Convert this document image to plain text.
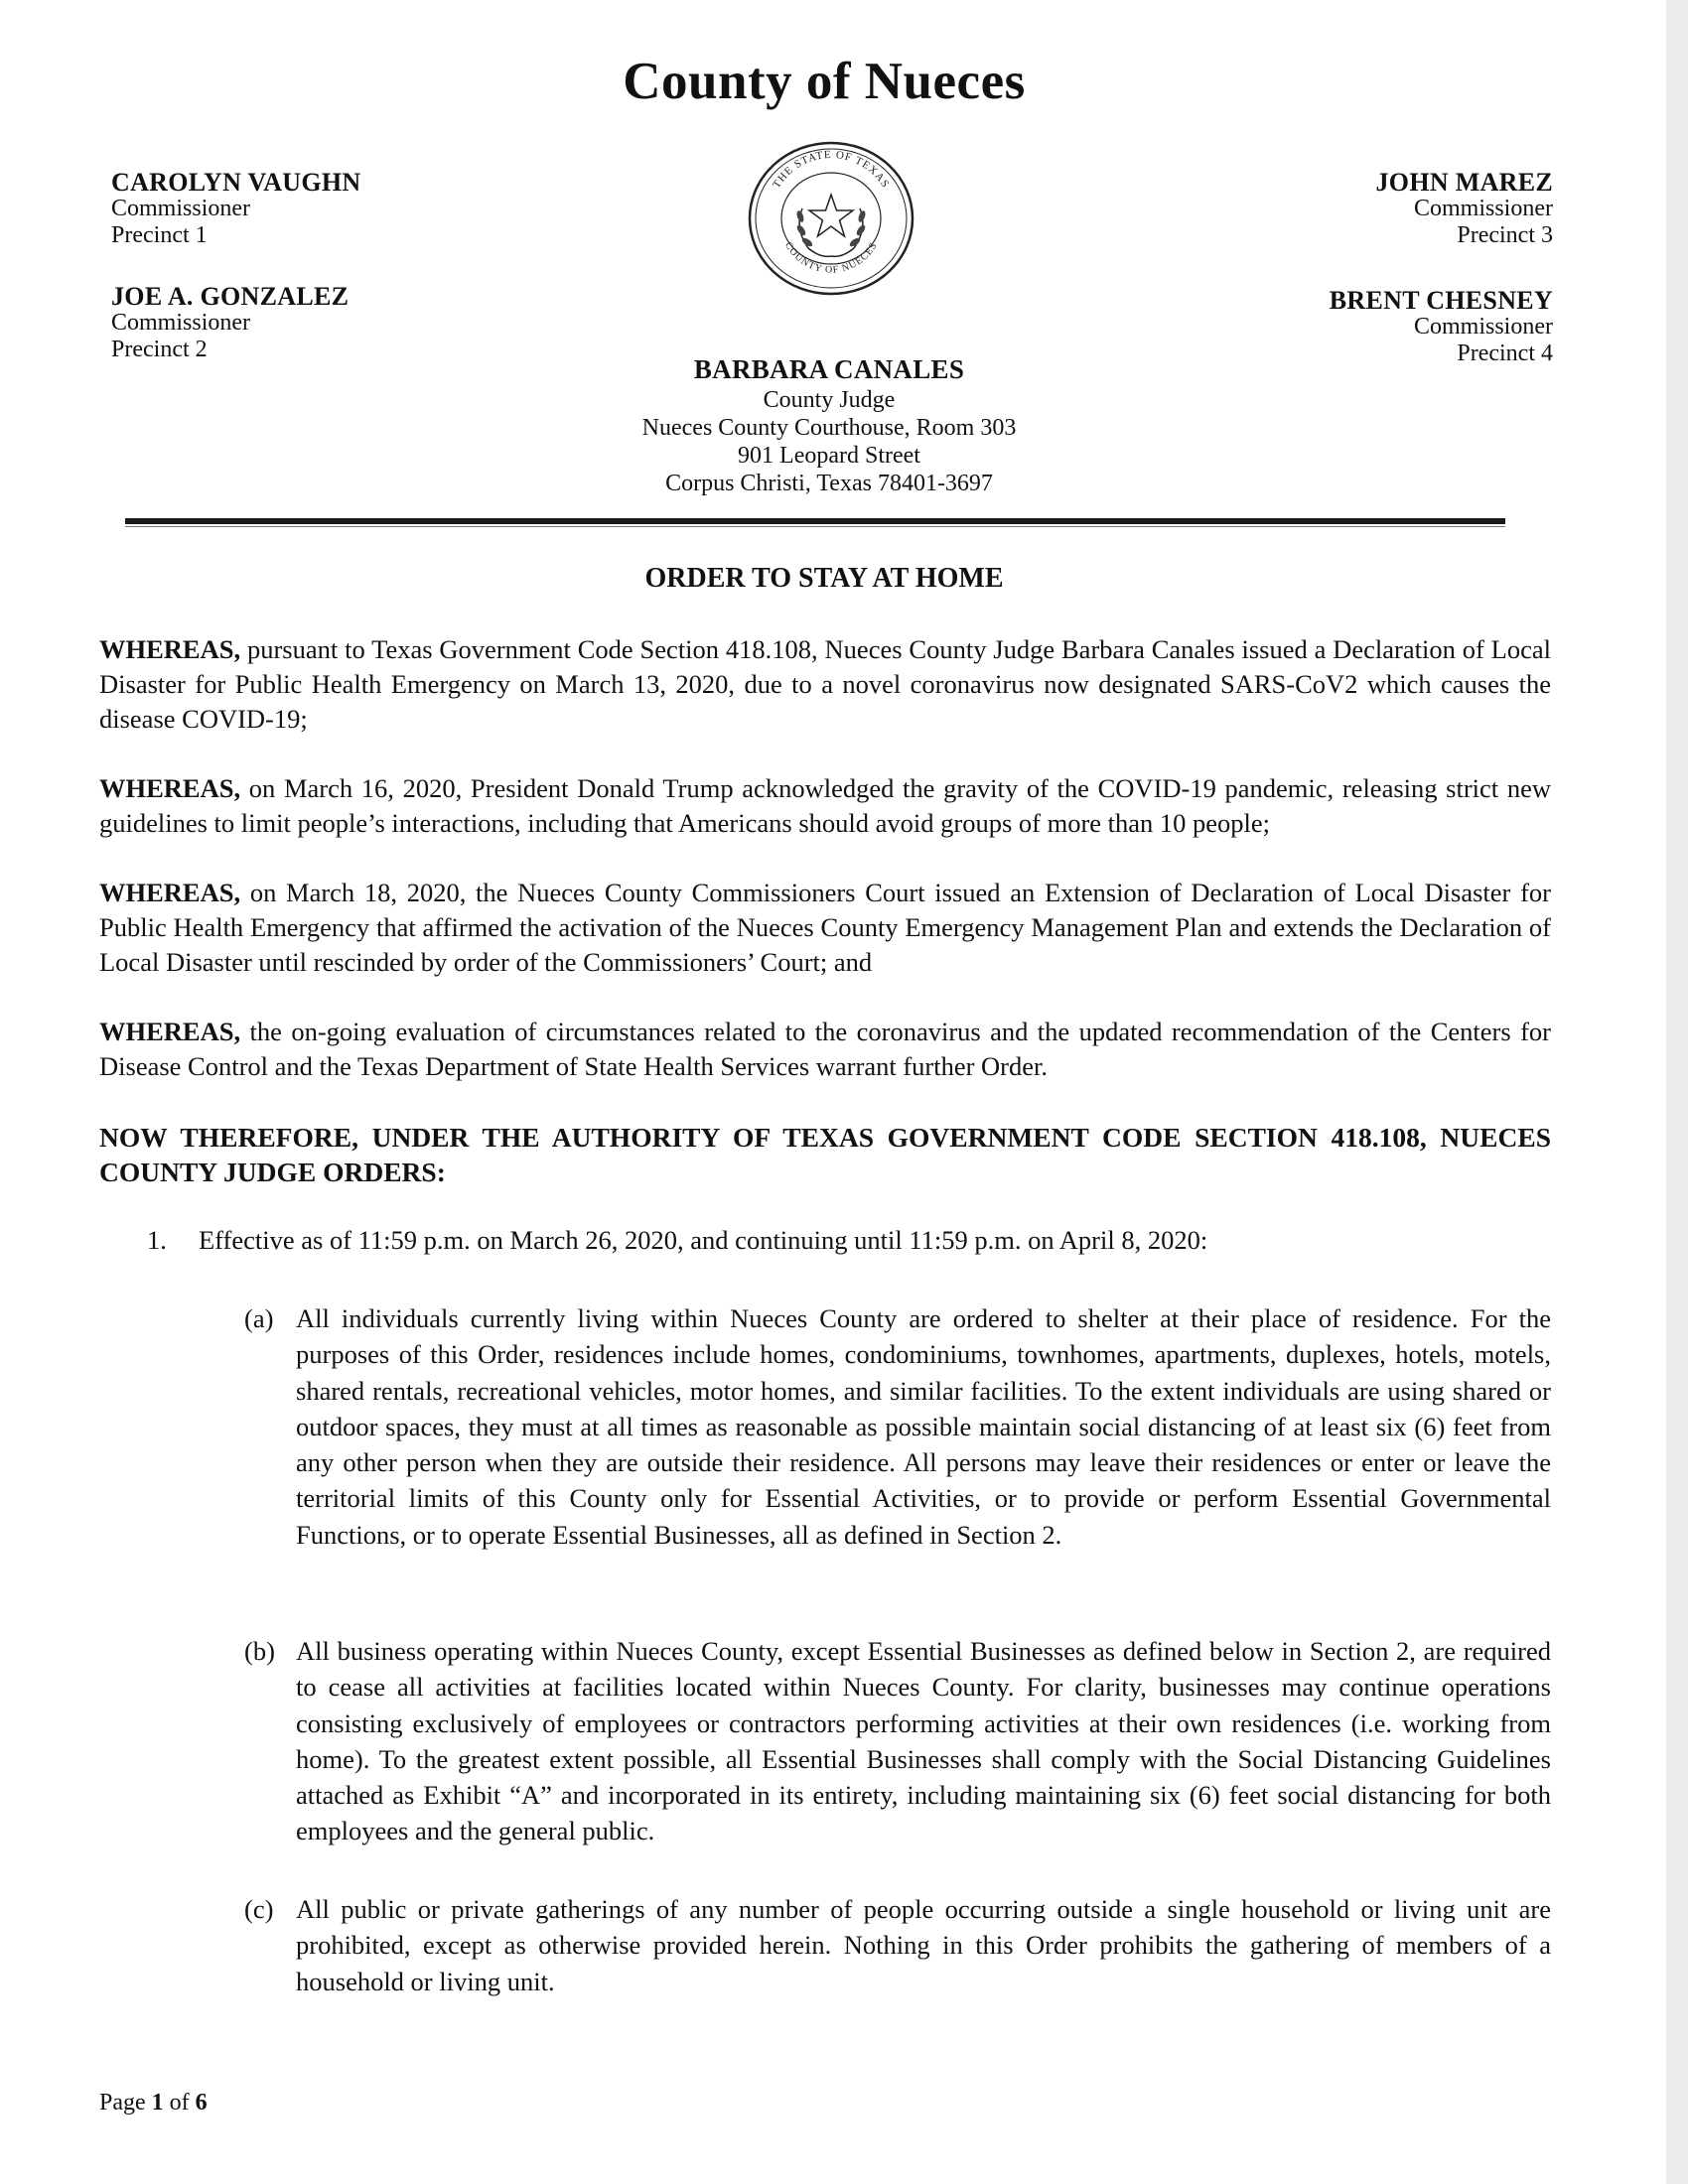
County of Nueces
CAROLYN VAUGHN
Commissioner
Precinct 1
JOE A. GONZALEZ
Commissioner
Precinct 2
JOHN MAREZ
Commissioner
Precinct 3
BRENT CHESNEY
Commissioner
Precinct 4
THE STATE OF TEXAS
COUNTY OF NUECES
BARBARA CANALES
County Judge
Nueces County Courthouse, Room 303
901 Leopard Street
Corpus Christi, Texas 78401-3697
ORDER TO STAY AT HOME
WHEREAS, pursuant to Texas Government Code Section 418.108, Nueces County Judge Barbara Canales issued a Declaration of Local Disaster for Public Health Emergency on March 13, 2020, due to a novel coronavirus now designated SARS-CoV2 which causes the disease COVID-19;
WHEREAS, on March 16, 2020, President Donald Trump acknowledged the gravity of the COVID-19 pandemic, releasing strict new guidelines to limit people’s interactions, including that Americans should avoid groups of more than 10 people;
WHEREAS, on March 18, 2020, the Nueces County Commissioners Court issued an Extension of Declaration of Local Disaster for Public Health Emergency that affirmed the activation of the Nueces County Emergency Management Plan and extends the Declaration of Local Disaster until rescinded by order of the Commissioners’ Court; and
WHEREAS, the on-going evaluation of circumstances related to the coronavirus and the updated recommendation of the Centers for Disease Control and the Texas Department of State Health Services warrant further Order.
NOW THEREFORE, UNDER THE AUTHORITY OF TEXAS GOVERNMENT CODE SECTION 418.108, NUECES COUNTY JUDGE ORDERS:
1. Effective as of 11:59 p.m. on March 26, 2020, and continuing until 11:59 p.m. on April 8, 2020:
(a) All individuals currently living within Nueces County are ordered to shelter at their place of residence. For the purposes of this Order, residences include homes, condominiums, townhomes, apartments, duplexes, hotels, motels, shared rentals, recreational vehicles, motor homes, and similar facilities. To the extent individuals are using shared or outdoor spaces, they must at all times as reasonable as possible maintain social distancing of at least six (6) feet from any other person when they are outside their residence. All persons may leave their residences or enter or leave the territorial limits of this County only for Essential Activities, or to provide or perform Essential Governmental Functions, or to operate Essential Businesses, all as defined in Section 2.
(b) All business operating within Nueces County, except Essential Businesses as defined below in Section 2, are required to cease all activities at facilities located within Nueces County. For clarity, businesses may continue operations consisting exclusively of employees or contractors performing activities at their own residences (i.e. working from home). To the greatest extent possible, all Essential Businesses shall comply with the Social Distancing Guidelines attached as Exhibit “A” and incorporated in its entirety, including maintaining six (6) feet social distancing for both employees and the general public.
(c) All public or private gatherings of any number of people occurring outside a single household or living unit are prohibited, except as otherwise provided herein. Nothing in this Order prohibits the gathering of members of a household or living unit.
Page 1 of 6
